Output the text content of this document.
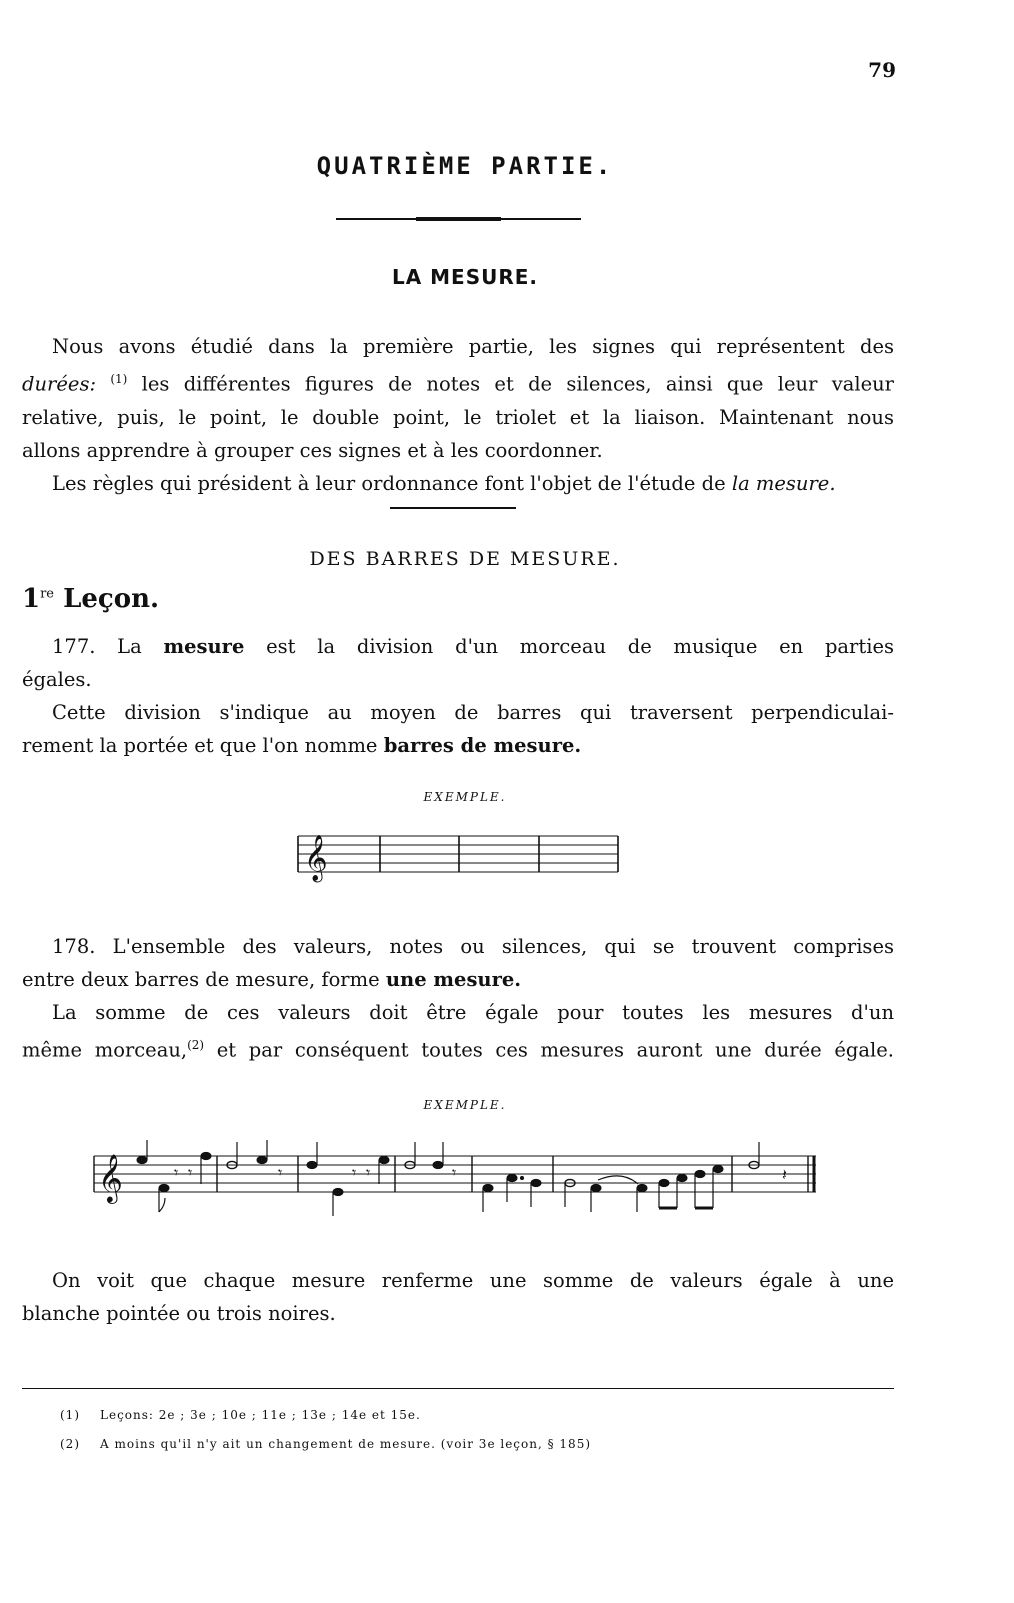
79
QUATRIÈME PARTIE.
LA MESURE.
Nous avons étudié dans la première partie, les signes qui représentent des
durées: $^{(1)}$ les différentes figures de notes et de silences, ainsi que leur valeur
relative, puis, le point, le double point, le triolet et la liaison. Maintenant nous
allons apprendre à grouper ces signes et à les coordonner.
Les règles qui président à leur ordonnance font l'objet de l'étude de la mesure.
DES BARRES DE MESURE.
1re Leçon.
177. La mesure est la division d'un morceau de musique en parties
égales.
Cette division s'indique au moyen de barres qui traversent perpendiculai-
rement la portée et que l'on nomme barres de mesure.
EXEMPLE.
𝄞
178. L'ensemble des valeurs, notes ou silences, qui se trouvent comprises
entre deux barres de mesure, forme une mesure.
La somme de ces valeurs doit être égale pour toutes les mesures d'un
même morceau,$^{(2)}$ et par conséquent toutes ces mesures auront une durée égale.
EXEMPLE.
𝄞	𝄾 𝄾	𝄾	𝄾 𝄾	𝄾	𝄽
On voit que chaque mesure renferme une somme de valeurs égale à une
blanche pointée ou trois noires.
(1) Leçons: 2e ; 3e ; 10e ; 11e ; 13e ; 14e et 15e.
(2) A moins qu'il n'y ait un changement de mesure. (voir 3e leçon, § 185)
